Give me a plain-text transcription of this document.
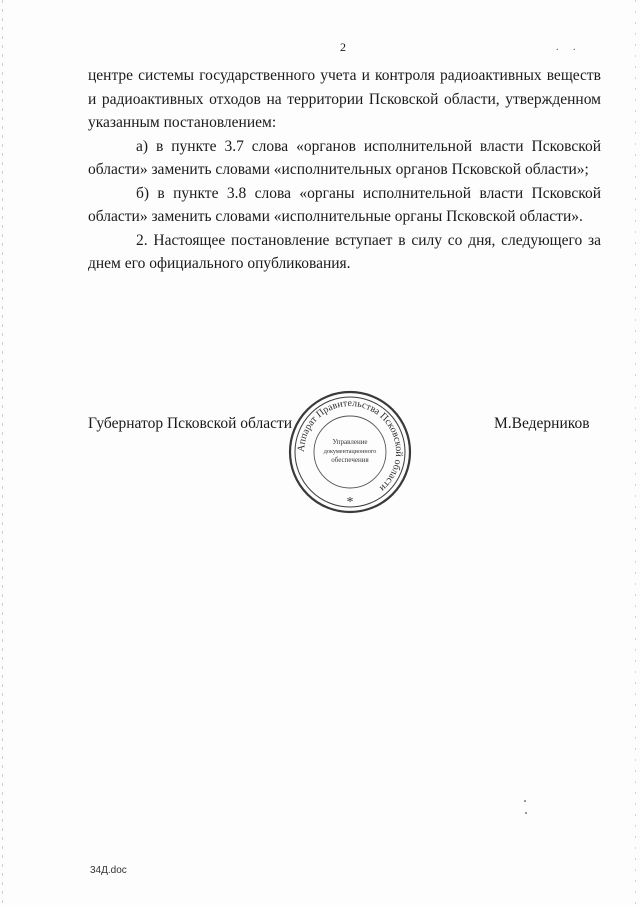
2	. .

центре системы государственного учета и контроля радиоактивных веществ и радиоактивных отходов на территории Псковской области, утвержденном указанным постановлением:

а) в пункте 3.7 слова «органов исполнительной власти Псковской области» заменить словами «исполнительных органов Псковской области»;

б) в пункте 3.8 слова «органы исполнительной власти Псковской области» заменить словами «исполнительные органы Псковской области».

2. Настоящее постановление вступает в силу со дня, следующего за днем его официального опубликования.

Губернатор Псковской области	М.Ведерников
Аппарат Правительства Псковской области
Управление
документационного
обеспечения
*
34Д.doc
